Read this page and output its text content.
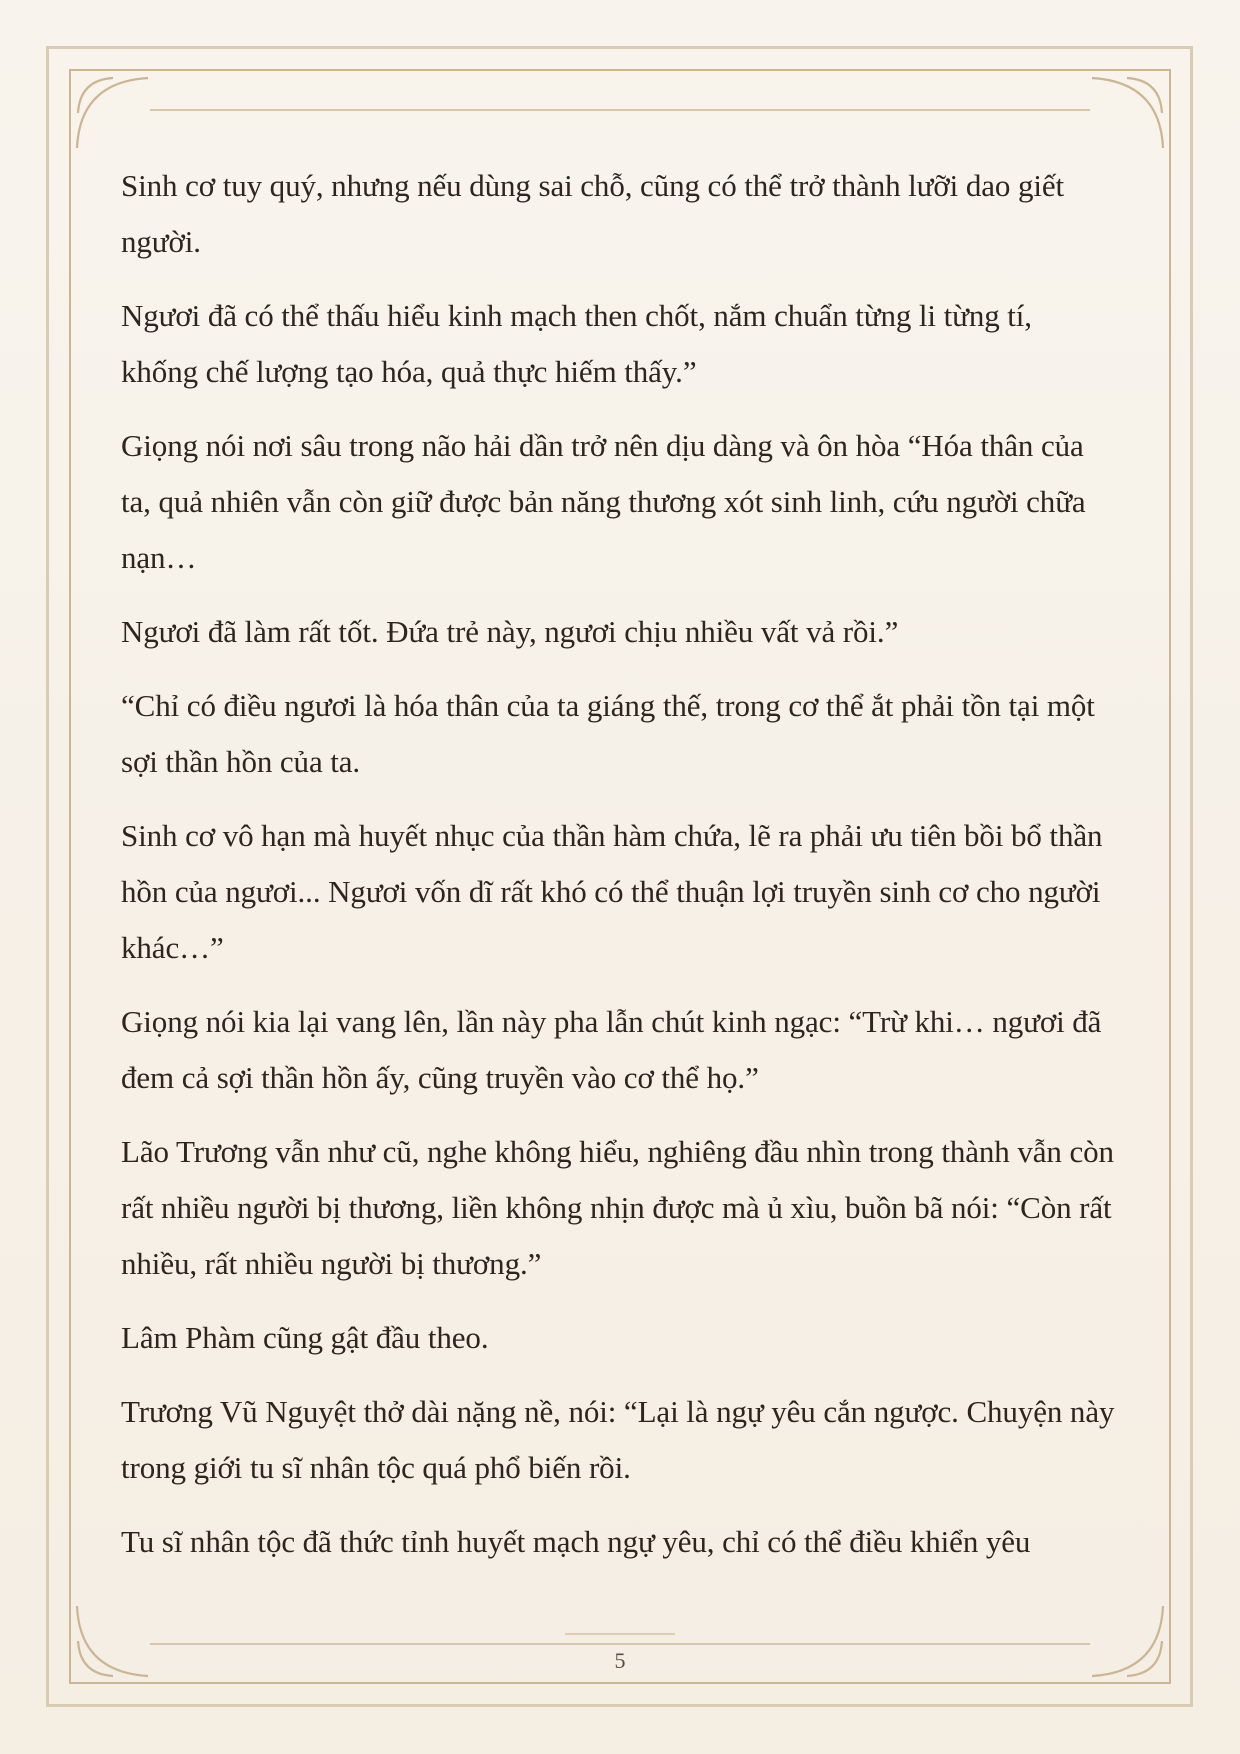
Sinh cơ tuy quý, nhưng nếu dùng sai chỗ, cũng có thể trở thành lưỡi dao giết người.

Ngươi đã có thể thấu hiểu kinh mạch then chốt, nắm chuẩn từng li từng tí, khống chế lượng tạo hóa, quả thực hiếm thấy.”

Giọng nói nơi sâu trong não hải dần trở nên dịu dàng và ôn hòa “Hóa thân của ta, quả nhiên vẫn còn giữ được bản năng thương xót sinh linh, cứu người chữa nạn…

Ngươi đã làm rất tốt. Đứa trẻ này, ngươi chịu nhiều vất vả rồi.”

“Chỉ có điều ngươi là hóa thân của ta giáng thế, trong cơ thể ắt phải tồn tại một sợi thần hồn của ta.

Sinh cơ vô hạn mà huyết nhục của thần hàm chứa, lẽ ra phải ưu tiên bồi bổ thần hồn của ngươi... Ngươi vốn dĩ rất khó có thể thuận lợi truyền sinh cơ cho người khác…”

Giọng nói kia lại vang lên, lần này pha lẫn chút kinh ngạc: “Trừ khi… ngươi đã đem cả sợi thần hồn ấy, cũng truyền vào cơ thể họ.”

Lão Trương vẫn như cũ, nghe không hiểu, nghiêng đầu nhìn trong thành vẫn còn rất nhiều người bị thương, liền không nhịn được mà ủ xìu, buồn bã nói: “Còn rất nhiều, rất nhiều người bị thương.”

Lâm Phàm cũng gật đầu theo.

Trương Vũ Nguyệt thở dài nặng nề, nói: “Lại là ngự yêu cắn ngược. Chuyện này trong giới tu sĩ nhân tộc quá phổ biến rồi.

Tu sĩ nhân tộc đã thức tỉnh huyết mạch ngự yêu, chỉ có thể điều khiển yêu

5
